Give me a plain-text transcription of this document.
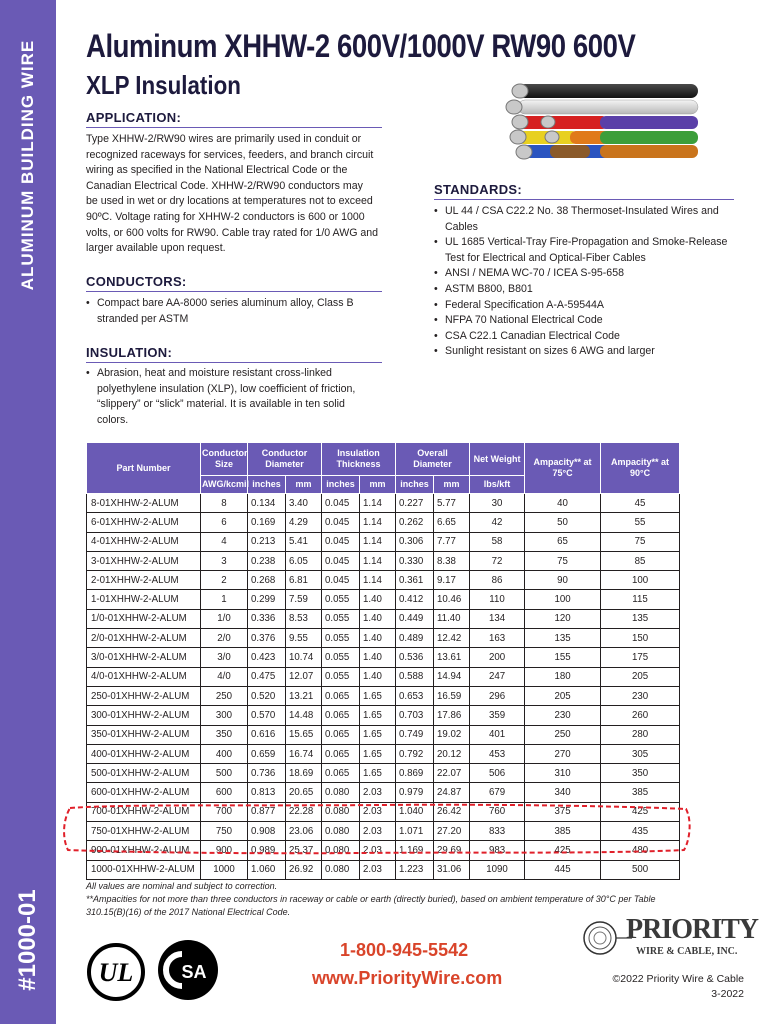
ALUMINUM BUILDING WIRE
#1000-01
Aluminum XHHW-2 600V/1000V RW90 600V
XLP Insulation
APPLICATION:
Type XHHW-2/RW90 wires are primarily used in conduit or
recognized raceways for services, feeders, and branch circuit
wiring as specified in the National Electrical Code or the
Canadian Electrical Code. XHHW-2/RW90 conductors may
be used in wet or dry locations at temperatures not to exceed
90ºC. Voltage rating for XHHW-2 conductors is 600 or 1000
volts, or 600 volts for RW90. Cable tray rated for 1/0 AWG and
larger available upon request.
CONDUCTORS:
• Compact bare AA-8000 series aluminum alloy, Class B stranded per ASTM
INSULATION:
• Abrasion, heat and moisture resistant cross-linked polyethylene insulation (XLP), low coefficient of friction, “slippery” or “slick” material. It is available in ten solid colors.
STANDARDS:
• UL 44 / CSA C22.2 No. 38 Thermoset-Insulated Wires and Cables
• UL 1685 Vertical-Tray Fire-Propagation and Smoke-Release Test for Electrical and Optical-Fiber Cables
• ANSI / NEMA WC-70 / ICEA S-95-658
• ASTM B800, B801
• Federal Specification A-A-59544A
• NFPA 70 National Electrical Code
• CSA C22.1 Canadian Electrical Code
• Sunlight resistant on sizes 6 AWG and larger
Part Number	Conductor Size	Conductor Diameter		Insulation Thickness		Overall Diameter		Net Weight	Ampacity** at 75°C	Ampacity** at 90°C
	AWG/kcmil	inches	mm	inches	mm	inches	mm	lbs/kft		
8-01XHHW-2-ALUM	8	0.134	3.40	0.045	1.14	0.227	5.77	30	40	45
6-01XHHW-2-ALUM	6	0.169	4.29	0.045	1.14	0.262	6.65	42	50	55
4-01XHHW-2-ALUM	4	0.213	5.41	0.045	1.14	0.306	7.77	58	65	75
3-01XHHW-2-ALUM	3	0.238	6.05	0.045	1.14	0.330	8.38	72	75	85
2-01XHHW-2-ALUM	2	0.268	6.81	0.045	1.14	0.361	9.17	86	90	100
1-01XHHW-2-ALUM	1	0.299	7.59	0.055	1.40	0.412	10.46	110	100	115
1/0-01XHHW-2-ALUM	1/0	0.336	8.53	0.055	1.40	0.449	11.40	134	120	135
2/0-01XHHW-2-ALUM	2/0	0.376	9.55	0.055	1.40	0.489	12.42	163	135	150
3/0-01XHHW-2-ALUM	3/0	0.423	10.74	0.055	1.40	0.536	13.61	200	155	175
4/0-01XHHW-2-ALUM	4/0	0.475	12.07	0.055	1.40	0.588	14.94	247	180	205
250-01XHHW-2-ALUM	250	0.520	13.21	0.065	1.65	0.653	16.59	296	205	230
300-01XHHW-2-ALUM	300	0.570	14.48	0.065	1.65	0.703	17.86	359	230	260
350-01XHHW-2-ALUM	350	0.616	15.65	0.065	1.65	0.749	19.02	401	250	280
400-01XHHW-2-ALUM	400	0.659	16.74	0.065	1.65	0.792	20.12	453	270	305
500-01XHHW-2-ALUM	500	0.736	18.69	0.065	1.65	0.869	22.07	506	310	350
600-01XHHW-2-ALUM	600	0.813	20.65	0.080	2.03	0.979	24.87	679	340	385
700-01XHHW-2-ALUM	700	0.877	22.28	0.080	2.03	1.040	26.42	760	375	425
750-01XHHW-2-ALUM	750	0.908	23.06	0.080	2.03	1.071	27.20	833	385	435
900-01XHHW-2-ALUM	900	0.989	25.37	0.080	2.03	1.169	29.69	983	425	480
1000-01XHHW-2-ALUM	1000	1.060	26.92	0.080	2.03	1.223	31.06	1090	445	500
All values are nominal and subject to correction.
**Ampacities for not more than three conductors in raceway or cable or earth (directly buried), based on ambient temperature of 30°C per Table
310.15(B)(16) of the 2017 National Electrical Code.
UL	SA
PRIORITY
WIRE & CABLE, INC.
1-800-945-5542
www.PriorityWire.com	©2022 Priority Wire & Cable
3-2022
